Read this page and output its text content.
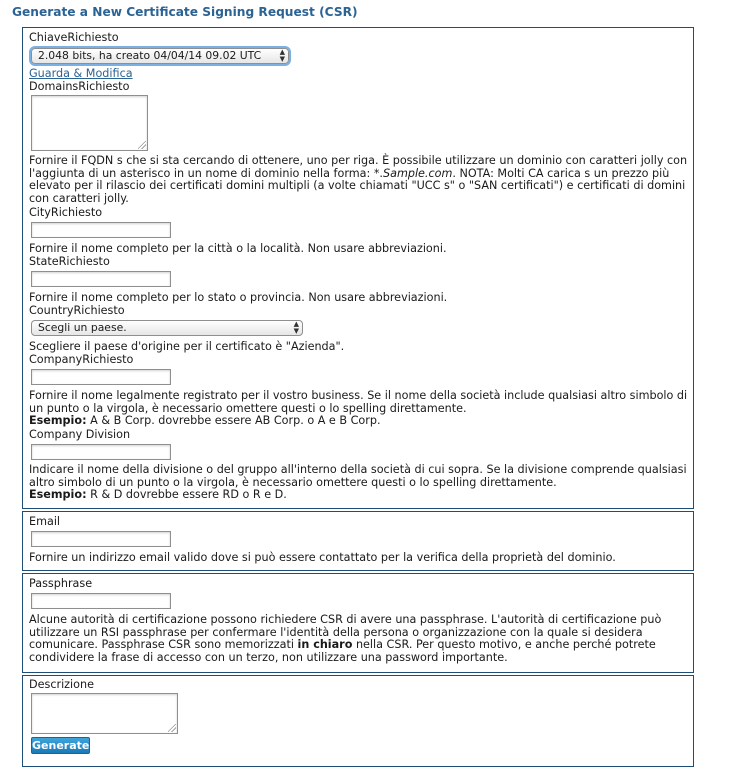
Generate a New Certificate Signing Request (CSR)
ChiaveRichiesto
2.048 bits, ha creato 04/04/14 09.02 UTC	▲
▼
Guarda & Modifica
DomainsRichiesto
Fornire il FQDN s che si sta cercando di ottenere, uno per riga. È possibile utilizzare un dominio con caratteri jolly con l'aggiunta di un asterisco in un nome di dominio nella forma: *.Sample.com. NOTA: Molti CA carica s un prezzo più elevato per il rilascio dei certificati domini multipli (a volte chiamati "UCC s" o "SAN certificati") e certificati di domini con caratteri jolly.
CityRichiesto
Fornire il nome completo per la città o la località. Non usare abbreviazioni.
StateRichiesto
Fornire il nome completo per lo stato o provincia. Non usare abbreviazioni.
CountryRichiesto
Scegli un paese.	▲
▼
Scegliere il paese d'origine per il certificato è "Azienda".
CompanyRichiesto
Fornire il nome legalmente registrato per il vostro business. Se il nome della società include qualsiasi altro simbolo di un punto o la virgola, è necessario omettere questi o lo spelling direttamente.
Esempio: A & B Corp. dovrebbe essere AB Corp. o A e B Corp.
Company Division
Indicare il nome della divisione o del gruppo all'interno della società di cui sopra. Se la divisione comprende qualsiasi altro simbolo di un punto o la virgola, è necessario omettere questi o lo spelling direttamente.
Esempio: R & D dovrebbe essere RD o R e D.
Email
Fornire un indirizzo email valido dove si può essere contattato per la verifica della proprietà del dominio.
Passphrase
Alcune autorità di certificazione possono richiedere CSR di avere una passphrase. L'autorità di certificazione può utilizzare un RSI passphrase per confermare l'identità della persona o organizzazione con la quale si desidera comunicare. Passphrase CSR sono memorizzati in chiaro nella CSR. Per questo motivo, e anche perché potrete condividere la frase di accesso con un terzo, non utilizzare una password importante.
Descrizione
Generate
